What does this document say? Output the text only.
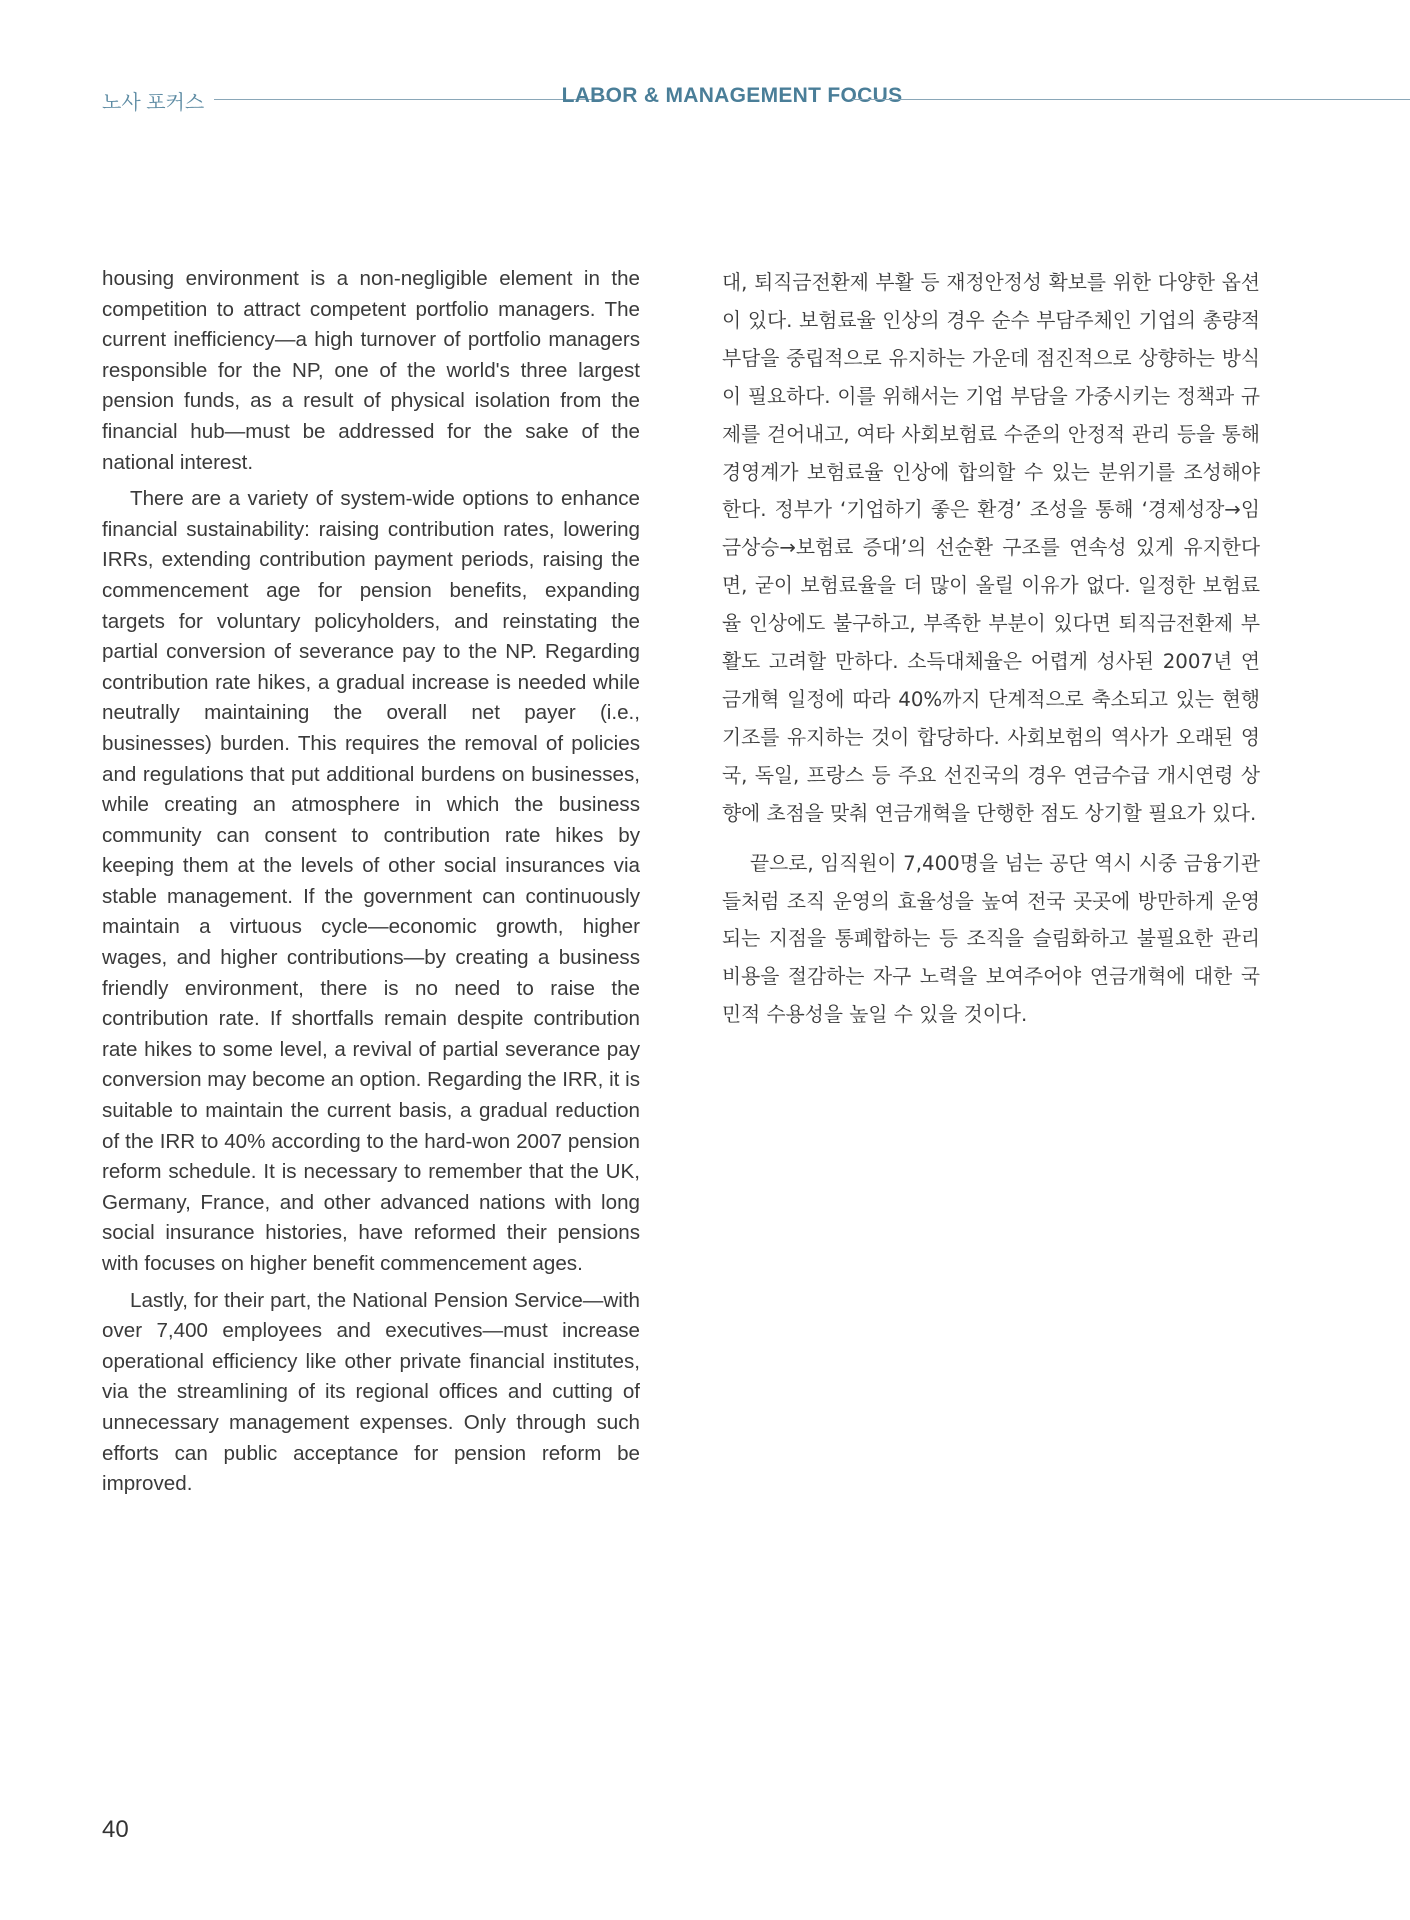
노사 포커스	LABOR & MANAGEMENT FOCUS

housing environment is a non-negligible element in the competition to attract competent portfolio managers. The current inefficiency—a high turnover of portfolio managers responsible for the NP, one of the world's three largest pension funds, as a result of physical isolation from the financial hub—must be addressed for the sake of the national interest.

There are a variety of system-wide options to enhance financial sustainability: raising contribution rates, lowering IRRs, extending contribution payment periods, raising the commencement age for pension benefits, expanding targets for voluntary policyholders, and reinstating the partial conversion of severance pay to the NP. Regarding contribution rate hikes, a gradual increase is needed while neutrally maintaining the overall net payer (i.e., businesses) burden. This requires the removal of policies and regulations that put additional burdens on businesses, while creating an atmosphere in which the business community can consent to contribution rate hikes by keeping them at the levels of other social insurances via stable management. If the government can continuously maintain a virtuous cycle—economic growth, higher wages, and higher contributions—by creating a business friendly environment, there is no need to raise the contribution rate. If shortfalls remain despite contribution rate hikes to some level, a revival of partial severance pay conversion may become an option. Regarding the IRR, it is suitable to maintain the current basis, a gradual reduction of the IRR to 40% according to the hard-won 2007 pension reform schedule. It is necessary to remember that the UK, Germany, France, and other advanced nations with long social insurance histories, have reformed their pensions with focuses on higher benefit commencement ages.

Lastly, for their part, the National Pension Service—with over 7,400 employees and executives—must increase operational efficiency like other private financial institutes, via the streamlining of its regional offices and cutting of unnecessary management expenses. Only through such efforts can public acceptance for pension reform be improved.

대, 퇴직금전환제 부활 등 재정안정성 확보를 위한 다양한 옵션이 있다. 보험료율 인상의 경우 순수 부담주체인 기업의 총량적 부담을 중립적으로 유지하는 가운데 점진적으로 상향하는 방식이 필요하다. 이를 위해서는 기업 부담을 가중시키는 정책과 규제를 걷어내고, 여타 사회보험료 수준의 안정적 관리 등을 통해 경영계가 보험료율 인상에 합의할 수 있는 분위기를 조성해야 한다. 정부가 ‘기업하기 좋은 환경’ 조성을 통해 ‘경제성장→임금상승→보험료 증대’의 선순환 구조를 연속성 있게 유지한다면, 굳이 보험료율을 더 많이 올릴 이유가 없다. 일정한 보험료율 인상에도 불구하고, 부족한 부분이 있다면 퇴직금전환제 부활도 고려할 만하다. 소득대체율은 어렵게 성사된 2007년 연금개혁 일정에 따라 40%까지 단계적으로 축소되고 있는 현행 기조를 유지하는 것이 합당하다. 사회보험의 역사가 오래된 영국, 독일, 프랑스 등 주요 선진국의 경우 연금수급 개시연령 상향에 초점을 맞춰 연금개혁을 단행한 점도 상기할 필요가 있다.

끝으로, 임직원이 7,400명을 넘는 공단 역시 시중 금융기관들처럼 조직 운영의 효율성을 높여 전국 곳곳에 방만하게 운영되는 지점을 통폐합하는 등 조직을 슬림화하고 불필요한 관리비용을 절감하는 자구 노력을 보여주어야 연금개혁에 대한 국민적 수용성을 높일 수 있을 것이다.

40
